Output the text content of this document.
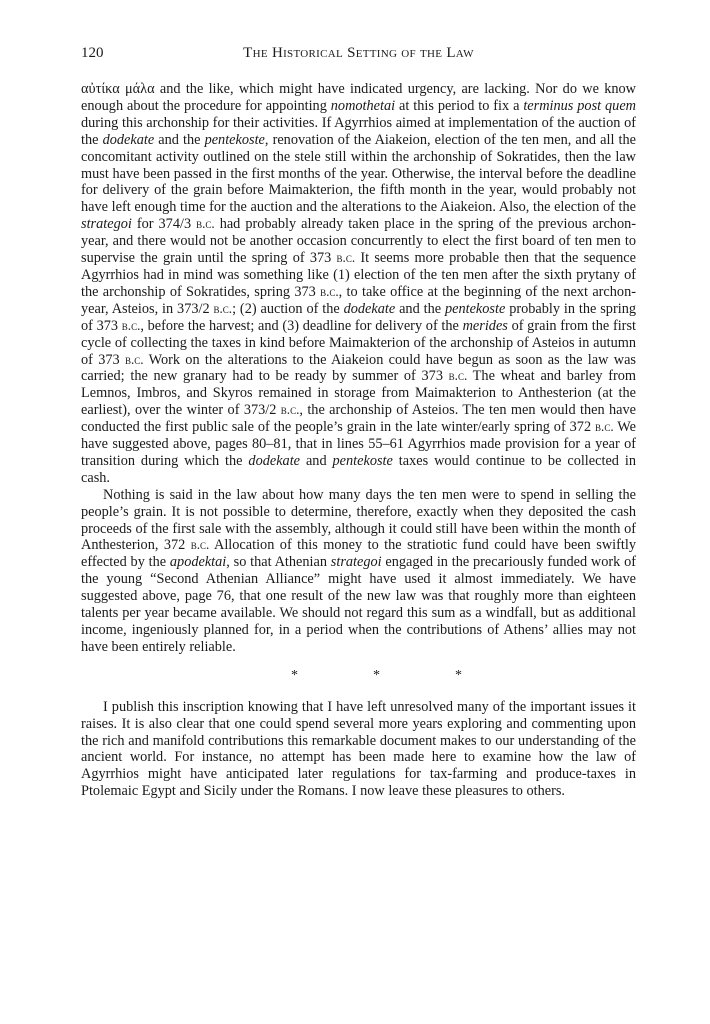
120	The Historical Setting of the Law

αὐτίκα μάλα and the like, which might have indicated urgency, are lacking. Nor do we know enough about the procedure for appointing nomothetai at this period to fix a terminus post quem during this archonship for their activities. If Agyrrhios aimed at implementation of the auction of the dodekate and the pentekoste, renovation of the Aiakeion, election of the ten men, and all the concomitant activity outlined on the stele still within the archonship of Sokratides, then the law must have been passed in the first months of the year. Otherwise, the interval before the deadline for delivery of the grain before Maimakterion, the fifth month in the year, would probably not have left enough time for the auction and the alterations to the Aiakeion. Also, the election of the strategoi for 374/3 b.c. had probably already taken place in the spring of the previous archon-year, and there would not be another occasion concurrently to elect the first board of ten men to supervise the grain until the spring of 373 b.c. It seems more probable then that the sequence Agyrrhios had in mind was something like (1) election of the ten men after the sixth prytany of the archonship of Sokratides, spring 373 b.c., to take office at the beginning of the next archon-year, Asteios, in 373/2 b.c.; (2) auction of the dodekate and the pentekoste probably in the spring of 373 b.c., before the harvest; and (3) deadline for delivery of the merides of grain from the first cycle of collecting the taxes in kind before Maimakterion of the archonship of Asteios in autumn of 373 b.c. Work on the alterations to the Aiakeion could have begun as soon as the law was carried; the new granary had to be ready by summer of 373 b.c. The wheat and barley from Lemnos, Imbros, and Skyros remained in storage from Maimakterion to Anthesterion (at the earliest), over the winter of 373/2 b.c., the archonship of Asteios. The ten men would then have conducted the first public sale of the people’s grain in the late winter/early spring of 372 b.c. We have suggested above, pages 80–81, that in lines 55–61 Agyrrhios made provision for a year of transition during which the dodekate and pentekoste taxes would continue to be collected in cash.

Nothing is said in the law about how many days the ten men were to spend in selling the people’s grain. It is not possible to determine, therefore, exactly when they deposited the cash proceeds of the first sale with the assembly, although it could still have been within the month of Anthesterion, 372 b.c. Allocation of this money to the stratiotic fund could have been swiftly effected by the apodektai, so that Athenian strategoi engaged in the precariously funded work of the young “Second Athenian Alliance” might have used it almost immediately. We have suggested above, page 76, that one result of the new law was that roughly more than eighteen talents per year became available. We should not regard this sum as a windfall, but as additional income, ingeniously planned for, in a period when the contributions of Athens’ allies may not have been entirely reliable.

*	*	*

I publish this inscription knowing that I have left unresolved many of the important issues it raises. It is also clear that one could spend several more years exploring and commenting upon the rich and manifold contributions this remarkable document makes to our understanding of the ancient world. For instance, no attempt has been made here to examine how the law of Agyrrhios might have anticipated later regulations for tax-farming and produce-taxes in Ptolemaic Egypt and Sicily under the Romans. I now leave these pleasures to others.
